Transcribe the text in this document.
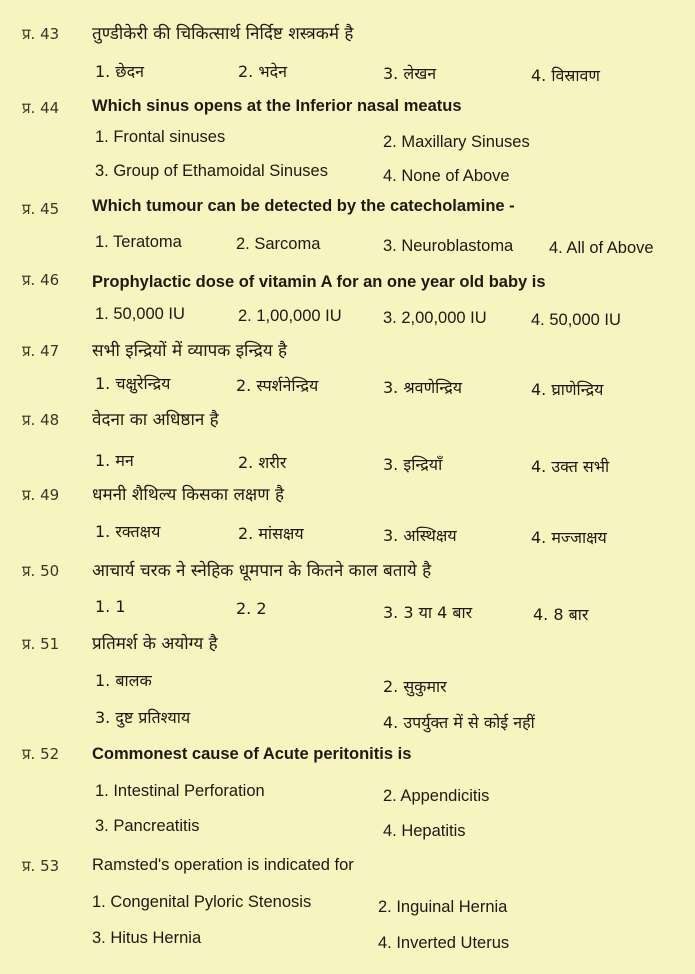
प्र. 43	तुण्डीकेरी की चिकित्सार्थ निर्दिष्ट शस्त्रकर्म है
1. छेदन	2. भदेन	3. लेखन	4. विस्रावण
प्र. 44	Which sinus opens at the Inferior nasal meatus
1. Frontal sinuses	2. Maxillary Sinuses
3. Group of Ethamoidal Sinuses	4. None of Above
प्र. 45	Which tumour can be detected by the catecholamine -
1. Teratoma	2. Sarcoma	3. Neuroblastoma 4. All of Above
प्र. 46	Prophylactic dose of vitamin A for an one year old baby is
1. 50,000 IU	2. 1,00,000 IU	3. 2,00,000 IU	4. 50,000 IU
प्र. 47	सभी इन्द्रियों में व्यापक इन्द्रिय है
1. चक्षुरेन्द्रिय	2. स्पर्शनेन्द्रिय	3. श्रवणेन्द्रिय	4. घ्राणेन्द्रिय
प्र. 48	वेदना का अधिष्ठान है
1. मन	2. शरीर	3. इन्द्रियाँ	4. उक्त सभी
प्र. 49	धमनी शैथिल्य किसका लक्षण है
1. रक्तक्षय	2. मांसक्षय	3. अस्थिक्षय	4. मज्जाक्षय
प्र. 50	आचार्य चरक ने स्नेहिक धूमपान के कितने काल बताये है
1. 1	2. 2	3. 3 या 4 बार	4. 8 बार
प्र. 51	प्रतिमर्श के अयोग्य है
1. बालक	2. सुकुमार
3. दुष्ट प्रतिश्याय	4. उपर्युक्त में से कोई नहीं
प्र. 52	Commonest cause of Acute peritonitis is
1. Intestinal Perforation	2. Appendicitis
3. Pancreatitis	4. Hepatitis
प्र. 53	Ramsted's operation is indicated for
1. Congenital Pyloric Stenosis	2. Inguinal Hernia
3. Hitus Hernia	4. Inverted Uterus
